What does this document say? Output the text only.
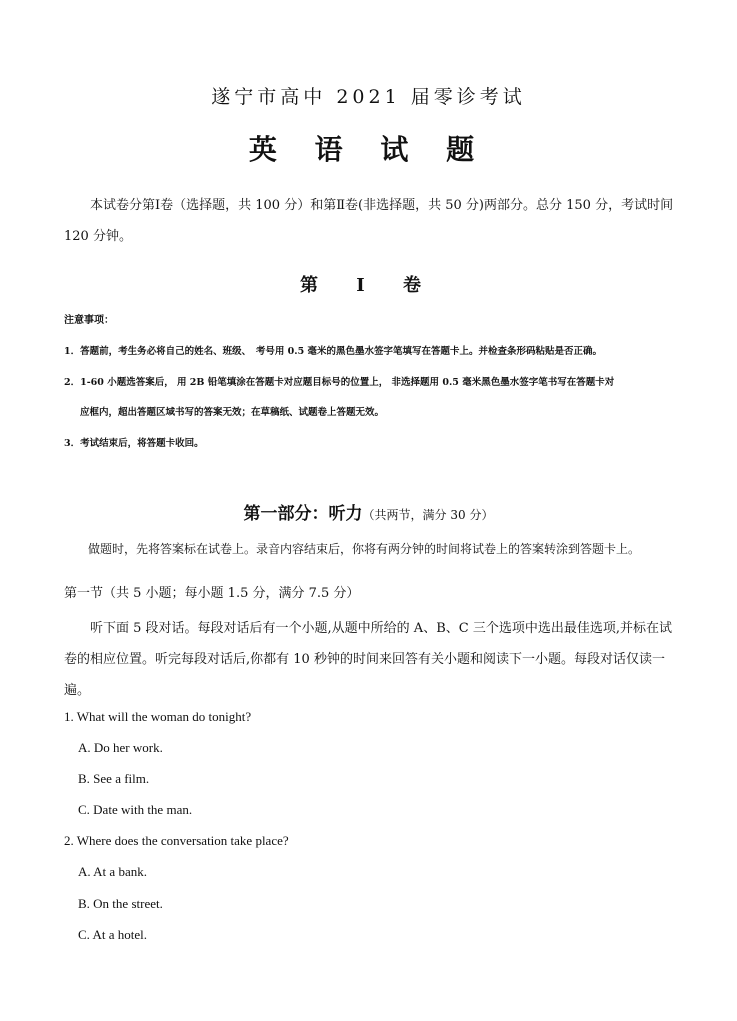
遂宁市高中 2021 届零诊考试
英 语 试 题
本试卷分第Ⅰ卷（选择题，共 100 分）和第Ⅱ卷(非选择题，共 50 分)两部分。总分 150 分，考试时间 120 分钟。
第 Ⅰ 卷
注意事项：
1．答题前，考生务必将自己的姓名、班级、　考号用 0.5 毫米的黑色墨水签字笔填写在答题卡上。并检查条形码粘贴是否正确。
2．1-60 小题选答案后， 用 2B 铅笔填涂在答题卡对应题目标号的位置上， 非选择题用 0.5 毫米黑色墨水签字笔书写在答题卡对
应框内，超出答题区域书写的答案无效；在草稿纸、试题卷上答题无效。
3．考试结束后，将答题卡收回。
第一部分：听力（共两节，满分 30 分）
做题时，先将答案标在试卷上。录音内容结束后，你将有两分钟的时间将试卷上的答案转涂到答题卡上。
第一节（共 5 小题；每小题 1.5 分，满分 7.5 分）
听下面 5 段对话。每段对话后有一个小题,从题中所给的 A、B、C 三个选项中选出最佳选项,并标在试卷的相应位置。听完每段对话后,你都有 10 秒钟的时间来回答有关小题和阅读下一小题。每段对话仅读一遍。
1. What will the woman do tonight?
A. Do her work.
B. See a film.
C. Date with the man.
2. Where does the conversation take place?
A. At a bank.
B. On the street.
C. At a hotel.
